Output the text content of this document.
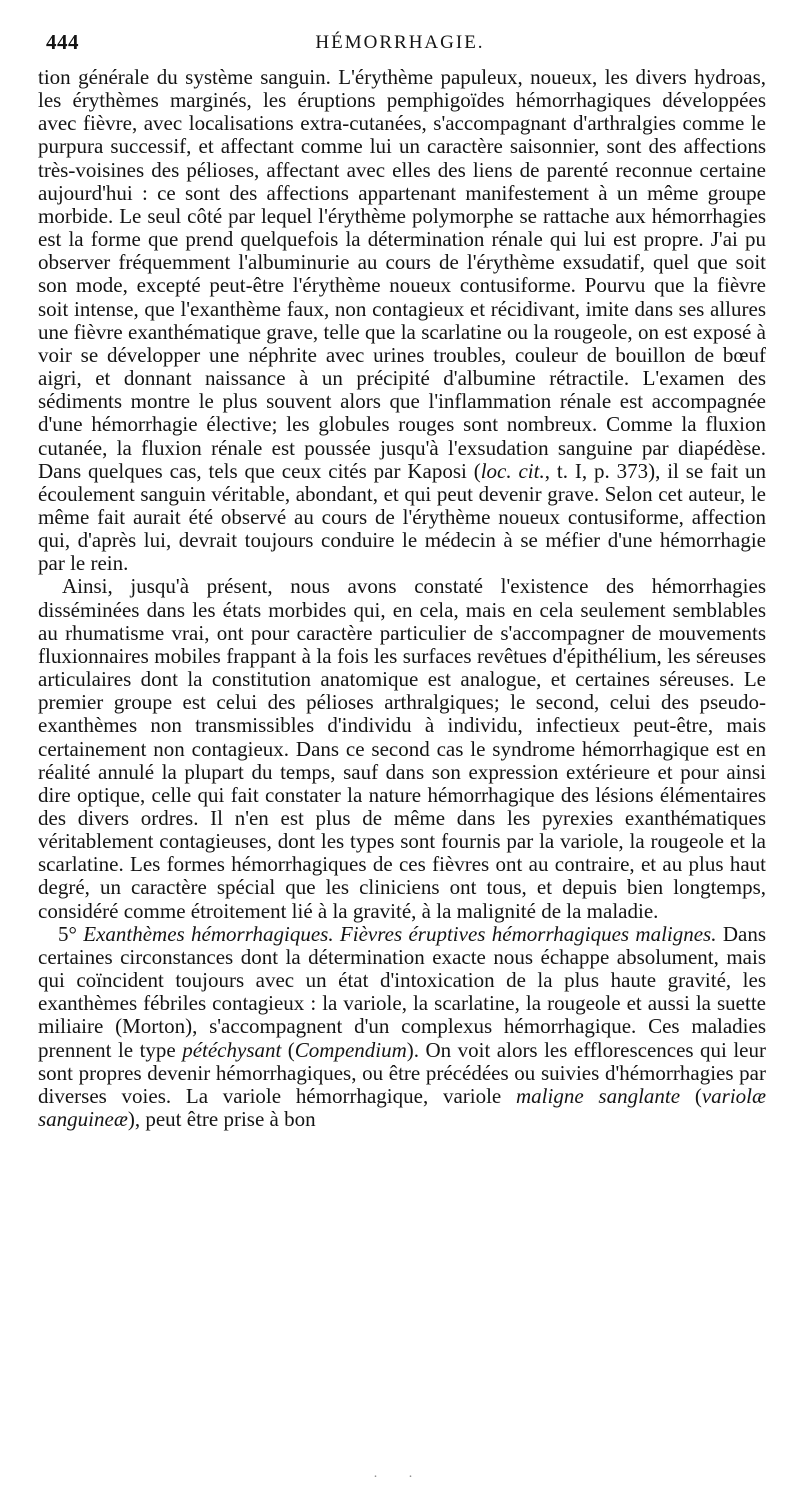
444	HÉMORRHAGIE.

tion générale du système sanguin. L'érythème papuleux, noueux, les divers hydroas, les érythèmes marginés, les éruptions pemphigoïdes hémorrhagiques développées avec fièvre, avec localisations extra-cutanées, s'accompagnant d'arthralgies comme le purpura successif, et affectant comme lui un caractère saisonnier, sont des affections très-voisines des pélioses, affectant avec elles des liens de parenté reconnue certaine aujourd'hui : ce sont des affections appartenant manifestement à un même groupe morbide. Le seul côté par lequel l'érythème polymorphe se rattache aux hémorrhagies est la forme que prend quelquefois la détermination rénale qui lui est propre. J'ai pu observer fréquemment l'albuminurie au cours de l'érythème exsudatif, quel que soit son mode, excepté peut-être l'érythème noueux contusiforme. Pourvu que la fièvre soit intense, que l'exanthème faux, non contagieux et récidivant, imite dans ses allures une fièvre exanthématique grave, telle que la scarlatine ou la rougeole, on est exposé à voir se développer une néphrite avec urines troubles, couleur de bouillon de bœuf aigri, et donnant naissance à un précipité d'albumine rétractile. L'examen des sédiments montre le plus souvent alors que l'inflammation rénale est accompagnée d'une hémorrhagie élective; les globules rouges sont nombreux. Comme la fluxion cutanée, la fluxion rénale est poussée jusqu'à l'exsudation sanguine par diapédèse. Dans quelques cas, tels que ceux cités par Kaposi (loc. cit., t. I, p. 373), il se fait un écoulement sanguin véritable, abondant, et qui peut devenir grave. Selon cet auteur, le même fait aurait été observé au cours de l'érythème noueux contusiforme, affection qui, d'après lui, devrait toujours conduire le médecin à se méfier d'une hémorrhagie par le rein.

Ainsi, jusqu'à présent, nous avons constaté l'existence des hémorrhagies disséminées dans les états morbides qui, en cela, mais en cela seulement semblables au rhumatisme vrai, ont pour caractère particulier de s'accompagner de mouvements fluxionnaires mobiles frappant à la fois les surfaces revêtues d'épithélium, les séreuses articulaires dont la constitution anatomique est analogue, et certaines séreuses. Le premier groupe est celui des pélioses arthralgiques; le second, celui des pseudo-exanthèmes non transmissibles d'individu à individu, infectieux peut-être, mais certainement non contagieux. Dans ce second cas le syndrome hémorrhagique est en réalité annulé la plupart du temps, sauf dans son expression extérieure et pour ainsi dire optique, celle qui fait constater la nature hémorrhagique des lésions élémentaires des divers ordres. Il n'en est plus de même dans les pyrexies exanthématiques véritablement contagieuses, dont les types sont fournis par la variole, la rougeole et la scarlatine. Les formes hémorrhagiques de ces fièvres ont au contraire, et au plus haut degré, un caractère spécial que les cliniciens ont tous, et depuis bien longtemps, considéré comme étroitement lié à la gravité, à la malignité de la maladie.

5° Exanthèmes hémorrhagiques. Fièvres éruptives hémorrhagiques malignes. Dans certaines circonstances dont la détermination exacte nous échappe absolument, mais qui coïncident toujours avec un état d'intoxication de la plus haute gravité, les exanthèmes fébriles contagieux : la variole, la scarlatine, la rougeole et aussi la suette miliaire (Morton), s'accompagnent d'un complexus hémorrhagique. Ces maladies prennent le type pétéchysant (Compendium). On voit alors les efflorescences qui leur sont propres devenir hémorrhagiques, ou être précédées ou suivies d'hémorrhagies par diverses voies. La variole hémorrhagique, variole maligne sanglante (variolæ sanguineæ), peut être prise à bon

. .
